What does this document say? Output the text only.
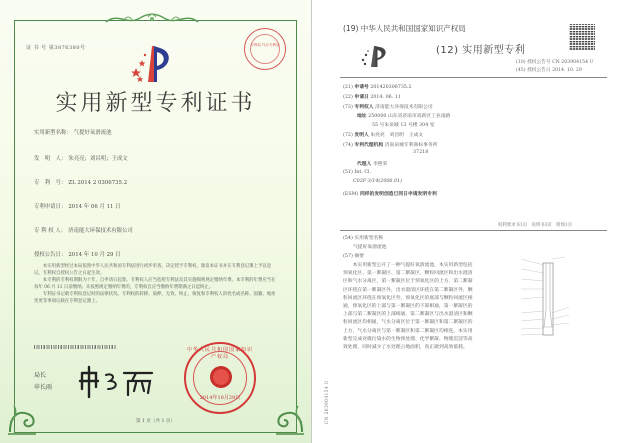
证 书 号 第3876380号	专利局 代办专利局
实用新型专利证书
实用新型名称： 气提好氧滑流池
发　明　人： 朱亮亮；刘昌明；王成文
专　利　号： ZL 2014 2 0306735.2
专利申请日： 2014 年 06 月 11 日
专 利 权 人： 济南能大环保技术有限公司
授权公告日： 2014 年 10 月 29 日

本实用新型经过本局依照中华人民共和国专利法进行初步审查，决定授予专利权，颁发本证书并在专利登记簿上予以登记。专利权自授权公告之日起生效。

本专利的专利权期限为十年，自申请日起算。专利权人应当依照专利法及其实施细则规定缴纳年费。本专利的年费应当在每年 06 月 11 日前缴纳。未按照规定缴纳年费的，专利权自应当缴纳年费期满之日起终止。

专利证书记载专利权登记时的法律状况。专利权的转移、质押、无效、终止、恢复和专利权人的姓名或名称、国籍、地址变更等事项记载在专利登记簿上。

局长
申长雨
中华人民共和国国家知识产权局
2014年10月29日
第 1 页（共 1 页）
(19) 中华人民共和国国家知识产权局
(12) 实用新型专利
(10) 授权公告号 CN 203904154 U
(45) 授权公告日 2014. 10. 29
(21) 申请号 201420306735.2
(22) 申请日 2014. 06. 11
(73) 专利权人 济南能大环保技术有限公司
地址 250000 山东省济南市高新区工业南路
55 号朱泉城 13 号楼 304 室
(72) 发明人 朱亮亮　刘昌明　王成文
(74) 专利代理机构 济南泉城专利商标事务所
37218
代理人 李艳荣
(51) Int. Cl.
C02F 3/14(2006.01)
(ESM) 同样的发明创造已同日申请发明专利
权利要求书1页　说明书3页　附图1页
(54) 实用新型名称
气提好氧滑流池
(57) 摘要

本实用新型公开了一种气提好氧滑流池，本实用新型包括预氧化区、第一絮凝区、第二絮凝区、颗粒回流区和出水澄清区和气水分离区，第一絮凝区位于预氧化区的上方，第二絮凝区环绕在第一絮凝区外，出水澄清区环绕在第二絮凝区外，颗粒回流区环绕在预氧化区外，预氧化区的底部与颗粒回流区相通，预氧化区的上部与第一絮凝区的下部相通，第一絮凝区的上部与第二絮凝区的上部相通，第二絮凝区与出水澄清区和颗粒回流区均相通，气水分离区位于第一絮凝区和第二絮凝区的上方，气水分离区与第一絮凝区和第二絮凝区均相连。本实用新型完成对微污染水的生物预处理、化学絮凝、物理沉淀等高效处理，同时减少了水处理占地面积，真正做到高效低耗。

CN 203904154 U
